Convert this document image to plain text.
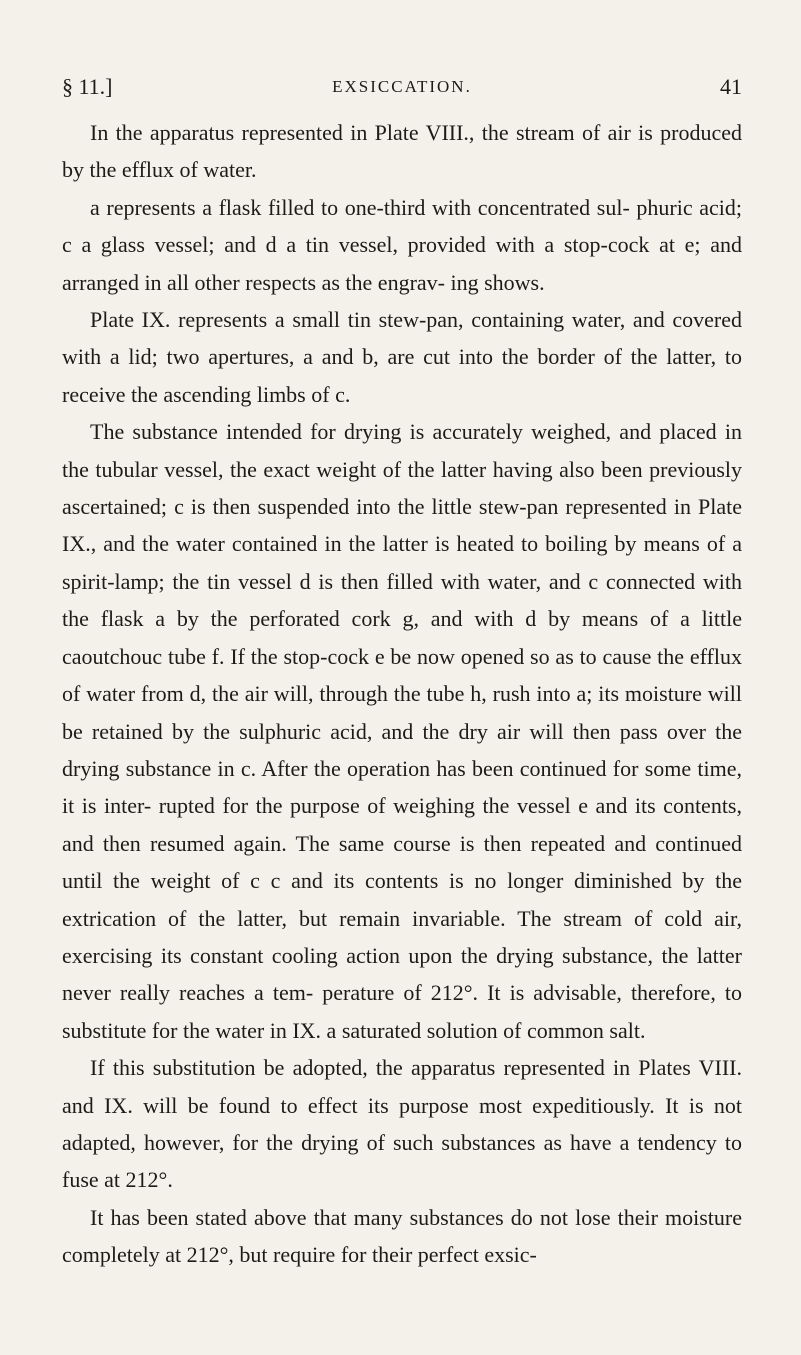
§ 11.]	EXSICCATION.	41

In the apparatus represented in Plate VIII., the stream of air is produced by the efflux of water.

a represents a flask filled to one-third with concentrated sul- phuric acid; c a glass vessel; and d a tin vessel, provided with a stop-cock at e; and arranged in all other respects as the engrav- ing shows.

Plate IX. represents a small tin stew-pan, containing water, and covered with a lid; two apertures, a and b, are cut into the border of the latter, to receive the ascending limbs of c.

The substance intended for drying is accurately weighed, and placed in the tubular vessel, the exact weight of the latter having also been previously ascertained; c is then suspended into the little stew-pan represented in Plate IX., and the water contained in the latter is heated to boiling by means of a spirit-lamp; the tin vessel d is then filled with water, and c connected with the flask a by the perforated cork g, and with d by means of a little caoutchouc tube f. If the stop-cock e be now opened so as to cause the efflux of water from d, the air will, through the tube h, rush into a; its moisture will be retained by the sulphuric acid, and the dry air will then pass over the drying substance in c. After the operation has been continued for some time, it is inter- rupted for the purpose of weighing the vessel e and its contents, and then resumed again. The same course is then repeated and continued until the weight of c c and its contents is no longer diminished by the extrication of the latter, but remain invariable. The stream of cold air, exercising its constant cooling action upon the drying substance, the latter never really reaches a tem- perature of 212°. It is advisable, therefore, to substitute for the water in IX. a saturated solution of common salt.

If this substitution be adopted, the apparatus represented in Plates VIII. and IX. will be found to effect its purpose most expeditiously. It is not adapted, however, for the drying of such substances as have a tendency to fuse at 212°.

It has been stated above that many substances do not lose their moisture completely at 212°, but require for their perfect exsic-
